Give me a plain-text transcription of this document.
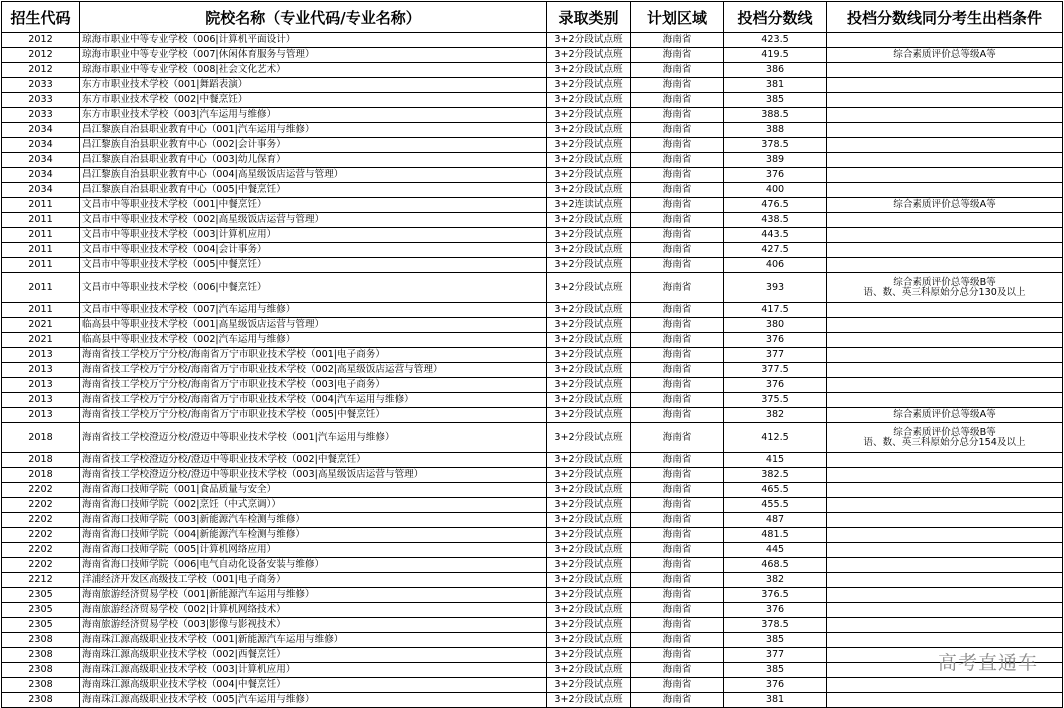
招生代码	院校名称（专业代码/专业名称）	录取类别	计划区域	投档分数线	投档分数线同分考生出档条件
2012	琼海市职业中等专业学校（006|计算机平面设计）	3+2分段试点班	海南省	423.5	
2012	琼海市职业中等专业学校（007|休闲体育服务与管理）	3+2分段试点班	海南省	419.5	综合素质评价总等级A等
2012	琼海市职业中等专业学校（008|社会文化艺术）	3+2分段试点班	海南省	386	
2033	东方市职业技术学校（001|舞蹈表演）	3+2分段试点班	海南省	381	
2033	东方市职业技术学校（002|中餐烹饪）	3+2分段试点班	海南省	385	
2033	东方市职业技术学校（003|汽车运用与维修）	3+2分段试点班	海南省	388.5	
2034	昌江黎族自治县职业教育中心（001|汽车运用与维修）	3+2分段试点班	海南省	388	
2034	昌江黎族自治县职业教育中心（002|会计事务）	3+2分段试点班	海南省	378.5	
2034	昌江黎族自治县职业教育中心（003|幼儿保育）	3+2分段试点班	海南省	389	
2034	昌江黎族自治县职业教育中心（004|高星级饭店运营与管理）	3+2分段试点班	海南省	376	
2034	昌江黎族自治县职业教育中心（005|中餐烹饪）	3+2分段试点班	海南省	400	
2011	文昌市中等职业技术学校（001|中餐烹饪）	3+2连读试点班	海南省	476.5	综合素质评价总等级A等
2011	文昌市中等职业技术学校（002|高星级饭店运营与管理）	3+2分段试点班	海南省	438.5	
2011	文昌市中等职业技术学校（003|计算机应用）	3+2分段试点班	海南省	443.5	
2011	文昌市中等职业技术学校（004|会计事务）	3+2分段试点班	海南省	427.5	
2011	文昌市中等职业技术学校（005|中餐烹饪）	3+2分段试点班	海南省	406	
2011	文昌市中等职业技术学校（006|中餐烹饪）	3+2分段试点班	海南省	393	综合素质评价总等级B等
语、数、英三科原始分总分130及以上
2011	文昌市中等职业技术学校（007|汽车运用与维修）	3+2分段试点班	海南省	417.5	
2021	临高县中等职业技术学校（001|高星级饭店运营与管理）	3+2分段试点班	海南省	380	
2021	临高县中等职业技术学校（002|汽车运用与维修）	3+2分段试点班	海南省	376	
2013	海南省技工学校万宁分校/海南省万宁市职业技术学校（001|电子商务）	3+2分段试点班	海南省	377	
2013	海南省技工学校万宁分校/海南省万宁市职业技术学校（002|高星级饭店运营与管理）	3+2分段试点班	海南省	377.5	
2013	海南省技工学校万宁分校/海南省万宁市职业技术学校（003|电子商务）	3+2分段试点班	海南省	376	
2013	海南省技工学校万宁分校/海南省万宁市职业技术学校（004|汽车运用与维修）	3+2分段试点班	海南省	375.5	
2013	海南省技工学校万宁分校/海南省万宁市职业技术学校（005|中餐烹饪）	3+2分段试点班	海南省	382	综合素质评价总等级A等
2018	海南省技工学校澄迈分校/澄迈中等职业技术学校（001|汽车运用与维修）	3+2分段试点班	海南省	412.5	综合素质评价总等级B等
语、数、英三科原始分总分154及以上
2018	海南省技工学校澄迈分校/澄迈中等职业技术学校（002|中餐烹饪）	3+2分段试点班	海南省	415	
2018	海南省技工学校澄迈分校/澄迈中等职业技术学校（003|高星级饭店运营与管理）	3+2分段试点班	海南省	382.5	
2202	海南省海口技师学院（001|食品质量与安全）	3+2分段试点班	海南省	465.5	
2202	海南省海口技师学院（002|烹饪（中式烹调））	3+2分段试点班	海南省	455.5	
2202	海南省海口技师学院（003|新能源汽车检测与维修）	3+2分段试点班	海南省	487	
2202	海南省海口技师学院（004|新能源汽车检测与维修）	3+2分段试点班	海南省	481.5	
2202	海南省海口技师学院（005|计算机网络应用）	3+2分段试点班	海南省	445	
2202	海南省海口技师学院（006|电气自动化设备安装与维修）	3+2分段试点班	海南省	468.5	
2212	洋浦经济开发区高级技工学校（001|电子商务）	3+2分段试点班	海南省	382	
2305	海南旅游经济贸易学校（001|新能源汽车运用与维修）	3+2分段试点班	海南省	376.5	
2305	海南旅游经济贸易学校（002|计算机网络技术）	3+2分段试点班	海南省	376	
2305	海南旅游经济贸易学校（003|影像与影视技术）	3+2分段试点班	海南省	378.5	
2308	海南珠江源高级职业技术学校（001|新能源汽车运用与维修）	3+2分段试点班	海南省	385	
2308	海南珠江源高级职业技术学校（002|西餐烹饪）	3+2分段试点班	海南省	377	
2308	海南珠江源高级职业技术学校（003|计算机应用）	3+2分段试点班	海南省	385	
2308	海南珠江源高级职业技术学校（004|中餐烹饪）	3+2分段试点班	海南省	376	
2308	海南珠江源高级职业技术学校（005|汽车运用与维修）	3+2分段试点班	海南省	381	
高考直通车
